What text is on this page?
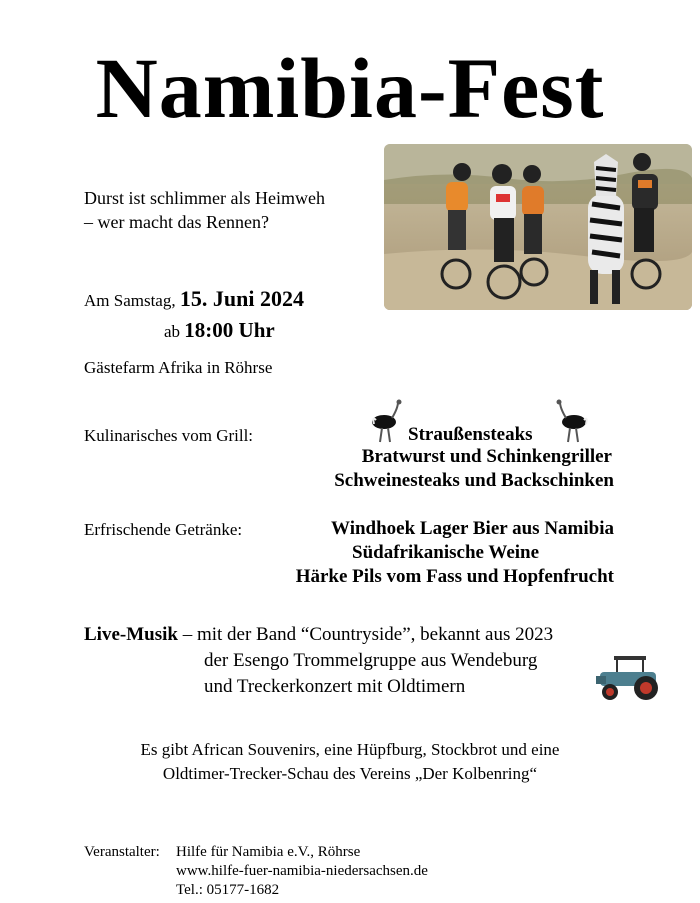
Namibia-Fest
Durst ist schlimmer als Heimweh – wer macht das Rennen?
Am Samstag, 15. Juni 2024
ab 18:00 Uhr
Gästefarm Afrika in Röhrse
Kulinarisches vom Grill:	Straußensteaks
Bratwurst und Schinkengriller
Schweinesteaks und Backschinken
Erfrischende Getränke:	Windhoek Lager Bier aus Namibia
Südafrikanische Weine
Härke Pils vom Fass und Hopfenfrucht
Live-Musik – mit der Band “Countryside”, bekannt aus 2023
der Esengo Trommelgruppe aus Wendeburg
und Treckerkonzert mit Oldtimern
Es gibt African Souvenirs, eine Hüpfburg, Stockbrot und eine
Oldtimer-Trecker-Schau des Vereins „Der Kolbenring“
Veranstalter: Hilfe für Namibia e.V., Röhrse
www.hilfe-fuer-namibia-niedersachsen.de
Tel.: 05177-1682
